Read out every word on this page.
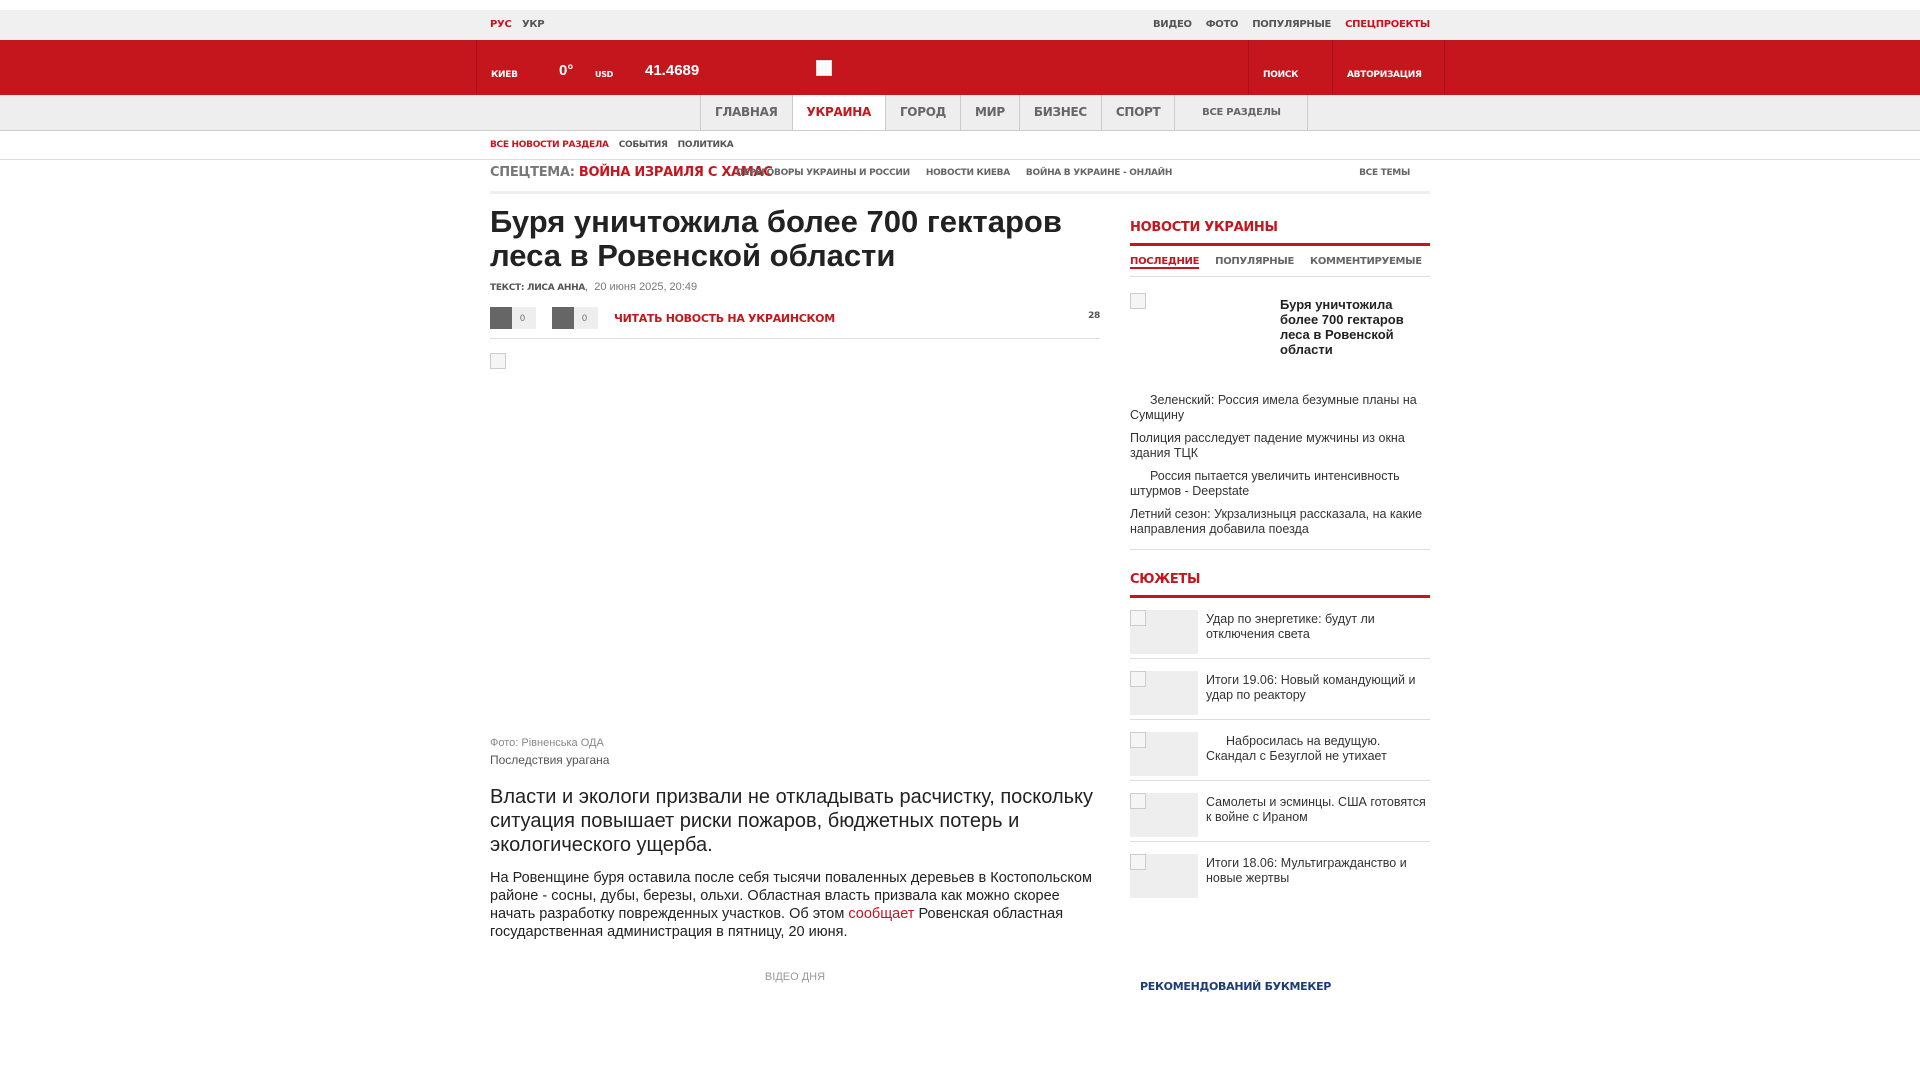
РУС УКР	ВИДЕО ФОТО ПОПУЛЯРНЫЕ СПЕЦПРОЕКТЫ
КИЕВ	0°	USD 41.4689	ПОИСК	АВТОРИЗАЦИЯ
ГЛАВНАЯ	УКРАИНА	ГОРОД	МИР	БИЗНЕС	СПОРТ	ВСЕ РАЗДЕЛЫ
ВСЕ НОВОСТИ РАЗДЕЛА СОБЫТИЯ ПОЛИТИКА
СПЕЦТЕМА: ВОЙНА ИЗРАИЛЯ С ХАМАС
ПЕРЕГОВОРЫ УКРАИНЫ И РОССИИ НОВОСТИ КИЕВА ВОЙНА В УКРАИНЕ - ОНЛАЙН	ВСЕ ТЕМЫ
Буря уничтожила более 700 гектаров леса в Ровенской области
ТЕКСТ: ЛИСА АННА,  20 июня 2025, 20:49
0	0 ЧИТАТЬ НОВОСТЬ НА УКРАИНСКОМ	28
Фото: Рівненська ОДА
Последствия урагана

Власти и экологи призвали не откладывать расчистку, поскольку ситуация повышает риски пожаров, бюджетных потерь и экологического ущерба.

На Ровенщине буря оставила после себя тысячи поваленных деревьев в Костопольском районе - сосны, дубы, березы, ольхи. Областная власть призвала как можно скорее начать разработку поврежденных участков. Об этом сообщает Ровенская областная государственная администрация в пятницу, 20 июня.

ВІДЕО ДНЯ
НОВОСТИ УКРАИНЫ
ПОСЛЕДНИЕ ПОПУЛЯРНЫЕ КОММЕНТИРУЕМЫЕ
Буря уничтожила более 700 гектаров леса в Ровенской области
Зеленский: Россия имела безумные планы на Сумщину
Полиция расследует падение мужчины из окна здания ТЦК
Россия пытается увеличить интенсивность штурмов - Deepstate
Летний сезон: Укрзализныця рассказала, на какие направления добавила поезда
СЮЖЕТЫ
Удар по энергетике: будут ли отключения света
Итоги 19.06: Новый командующий и удар по реактору
Набросилась на ведущую. Скандал с Безуглой не утихает
Самолеты и эсминцы. США готовятся к войне с Ираном
Итоги 18.06: Мультигражданство и новые жертвы
РЕКОМЕНДОВАНИЙ БУКМЕКЕР
